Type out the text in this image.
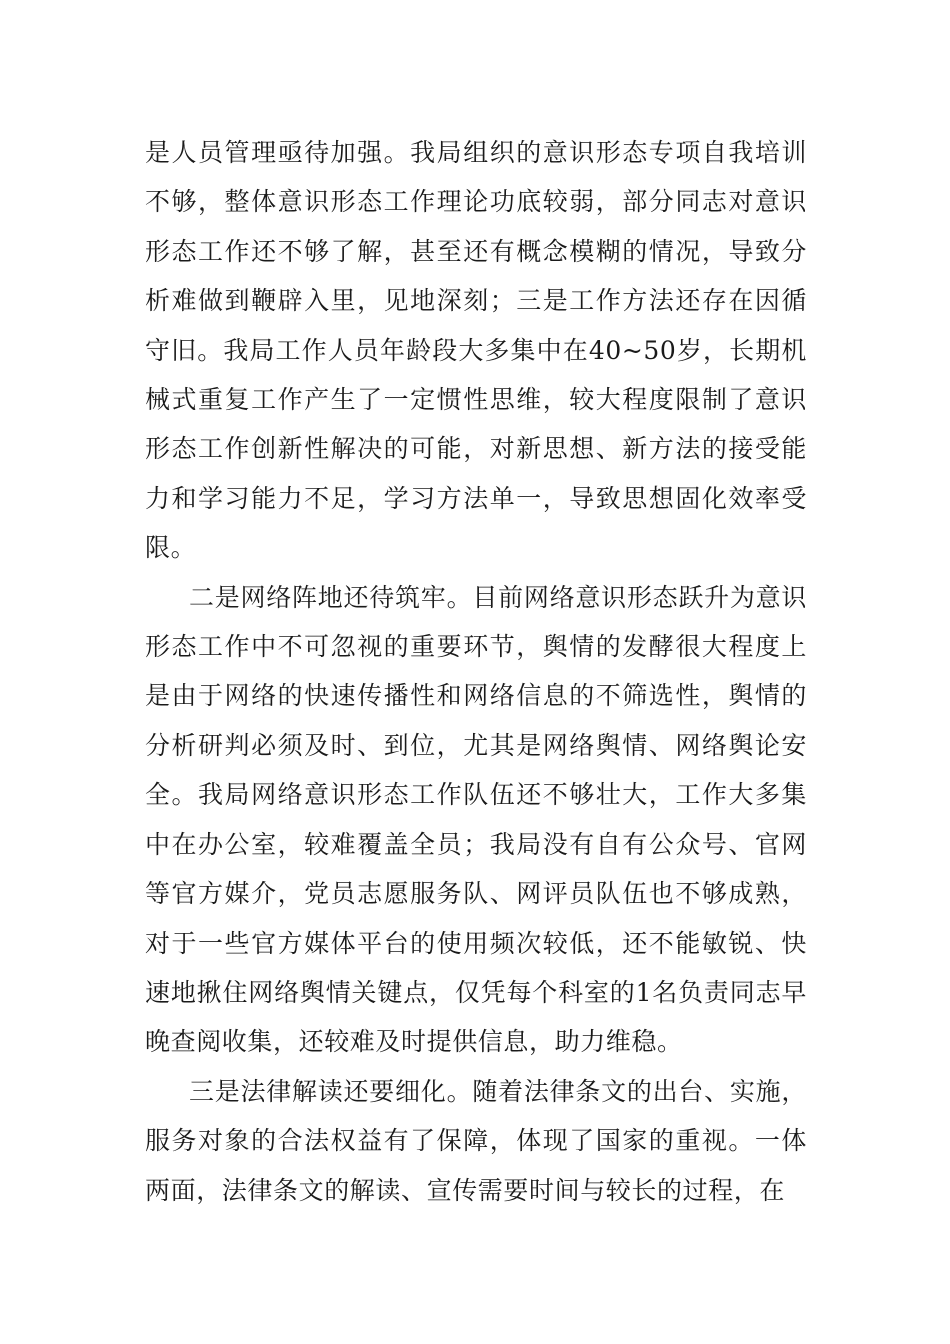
是人员管理亟待加强。我局组织的意识形态专项自我培训不够，整体意识形态工作理论功底较弱，部分同志对意识形态工作还不够了解，甚至还有概念模糊的情况，导致分析难做到鞭辟入里，见地深刻；三是工作方法还存在因循守旧。我局工作人员年龄段大多集中在40~50岁，长期机械式重复工作产生了一定惯性思维，较大程度限制了意识形态工作创新性解决的可能，对新思想、新方法的接受能力和学习能力不足，学习方法单一，导致思想固化效率受限。

二是网络阵地还待筑牢。目前网络意识形态跃升为意识形态工作中不可忽视的重要环节，舆情的发酵很大程度上是由于网络的快速传播性和网络信息的不筛选性，舆情的分析研判必须及时、到位，尤其是网络舆情、网络舆论安全。我局网络意识形态工作队伍还不够壮大，工作大多集中在办公室，较难覆盖全员；我局没有自有公众号、官网等官方媒介，党员志愿服务队、网评员队伍也不够成熟，对于一些官方媒体平台的使用频次较低，还不能敏锐、快速地揪住网络舆情关键点，仅凭每个科室的1名负责同志早晚查阅收集，还较难及时提供信息，助力维稳。

三是法律解读还要细化。随着法律条文的出台、实施，服务对象的合法权益有了保障，体现了国家的重视。一体两面，法律条文的解读、宣传需要时间与较长的过程，在
